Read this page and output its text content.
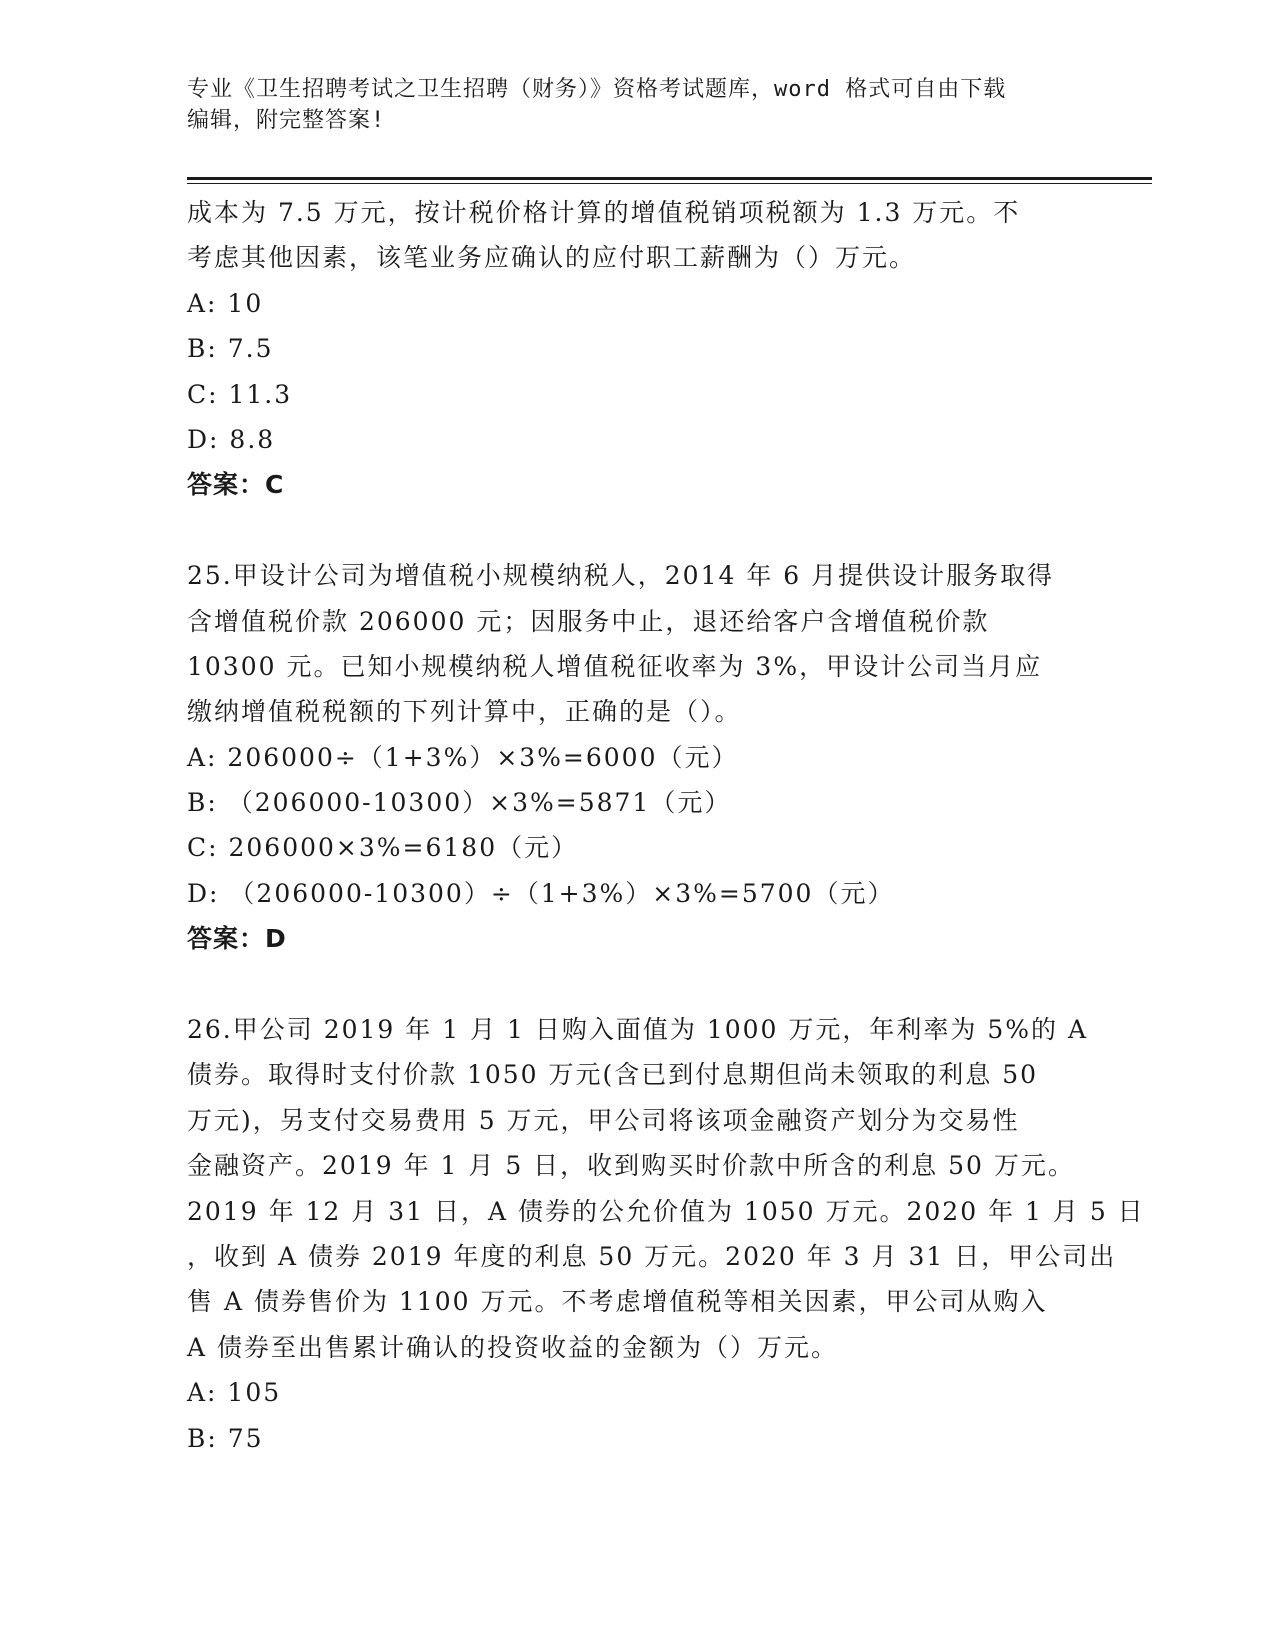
专业《卫生招聘考试之卫生招聘（财务）》资格考试题库，word 格式可自由下载
编辑，附完整答案!
成本为 7.5 万元，按计税价格计算的增值税销项税额为 1.3 万元。不
考虑其他因素，该笔业务应确认的应付职工薪酬为（）万元。
A: 10
B: 7.5
C: 11.3
D: 8.8
答案：C
25.甲设计公司为增值税小规模纳税人，2014 年 6 月提供设计服务取得
含增值税价款 206000 元；因服务中止，退还给客户含增值税价款
10300 元。已知小规模纳税人增值税征收率为 3%，甲设计公司当月应
缴纳增值税税额的下列计算中，正确的是（）。
A: 206000÷（1+3%）×3%=6000（元）
B: （206000-10300）×3%=5871（元）
C: 206000×3%=6180（元）
D: （206000-10300）÷（1+3%）×3%=5700（元）
答案：D
26.甲公司 2019 年 1 月 1 日购入面值为 1000 万元，年利率为 5%的 A
债券。取得时支付价款 1050 万元(含已到付息期但尚未领取的利息 50
万元)，另支付交易费用 5 万元，甲公司将该项金融资产划分为交易性
金融资产。2019 年 1 月 5 日，收到购买时价款中所含的利息 50 万元。
2019 年 12 月 31 日，A 债券的公允价值为 1050 万元。2020 年 1 月 5 日
，收到 A 债券 2019 年度的利息 50 万元。2020 年 3 月 31 日，甲公司出
售 A 债券售价为 1100 万元。不考虑增值税等相关因素，甲公司从购入
A 债券至出售累计确认的投资收益的金额为（）万元。
A: 105
B: 75
